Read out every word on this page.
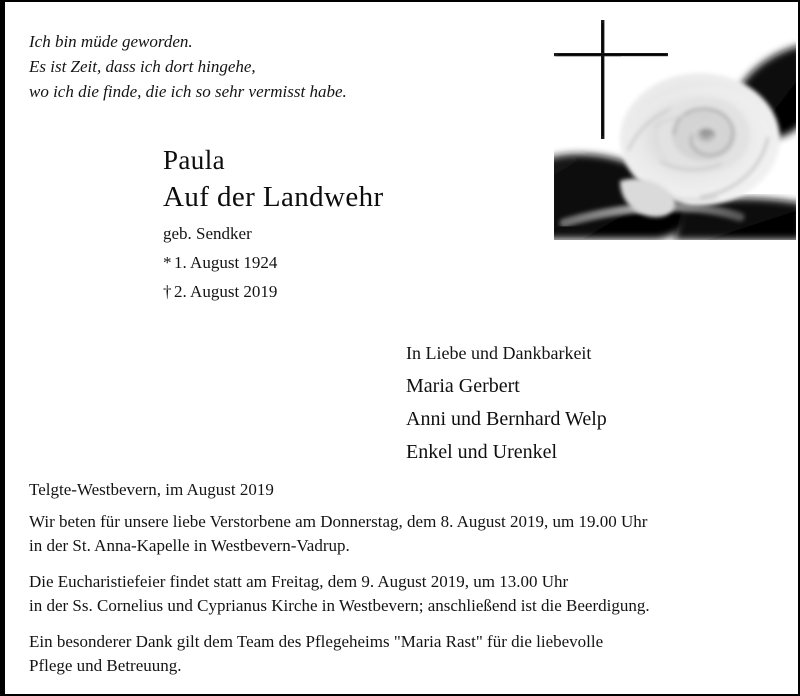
Ich bin müde geworden.
Es ist Zeit, dass ich dort hingehe,
wo ich die finde, die ich so sehr vermisst habe.
Paula
Auf der Landwehr
geb. Sendker
* 1. August 1924
† 2. August 2019
In Liebe und Dankbarkeit
Maria Gerbert
Anni und Bernhard Welp
Enkel und Urenkel
Telgte-Westbevern, im August 2019

Wir beten für unsere liebe Verstorbene am Donnerstag, dem 8. August 2019, um 19.00 Uhr
in der St. Anna-Kapelle in Westbevern-Vadrup.

Die Eucharistiefeier findet statt am Freitag, dem 9. August 2019, um 13.00 Uhr
in der Ss. Cornelius und Cyprianus Kirche in Westbevern; anschließend ist die Beerdigung.

Ein besonderer Dank gilt dem Team des Pflegeheims "Maria Rast" für die liebevolle
Pflege und Betreuung.
